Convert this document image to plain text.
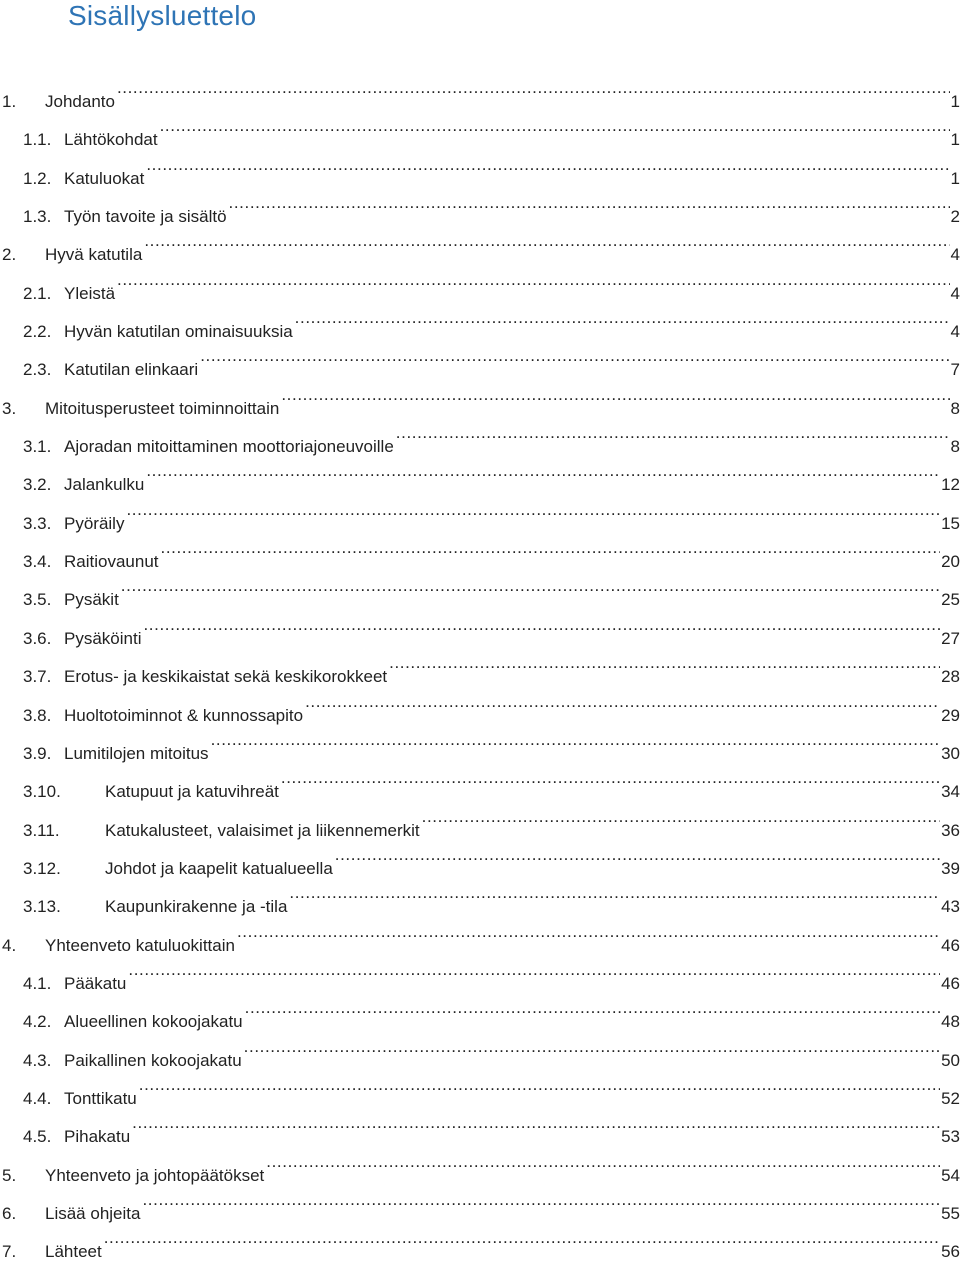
Sisällysluettelo
1.	Johdanto .....	1
1.1. Lähtökohdat .....	1
1.2. Katuluokat .....	1
1.3. Työn tavoite ja sisältö .....	2
2.	Hyvä katutila .....	4
2.1. Yleistä .....	4
2.2. Hyvän katutilan ominaisuuksia .....	4
2.3. Katutilan elinkaari .....	7
3.	Mitoitusperusteet toiminnoittain .....	8
3.1. Ajoradan mitoittaminen moottoriajoneuvoille .....	8
3.2. Jalankulku .....	12
3.3. Pyöräily .....	15
3.4. Raitiovaunut .....	20
3.5. Pysäkit .....	25
3.6. Pysäköinti .....	27
3.7. Erotus- ja keskikaistat sekä keskikorokkeet .....	28
3.8. Huoltotoiminnot & kunnossapito .....	29
3.9. Lumitilojen mitoitus .....	30
3.10.	Katupuut ja katuvihreät .....	34
3.11.	Katukalusteet, valaisimet ja liikennemerkit .....	36
3.12.	Johdot ja kaapelit katualueella .....	39
3.13.	Kaupunkirakenne ja -tila .....	43
4.	Yhteenveto katuluokittain .....	46
4.1. Pääkatu .....	46
4.2. Alueellinen kokoojakatu .....	48
4.3. Paikallinen kokoojakatu .....	50
4.4. Tonttikatu .....	52
4.5. Pihakatu .....	53
5.	Yhteenveto ja johtopäätökset .....	54
6.	Lisää ohjeita .....	55
7.	Lähteet .....	56
